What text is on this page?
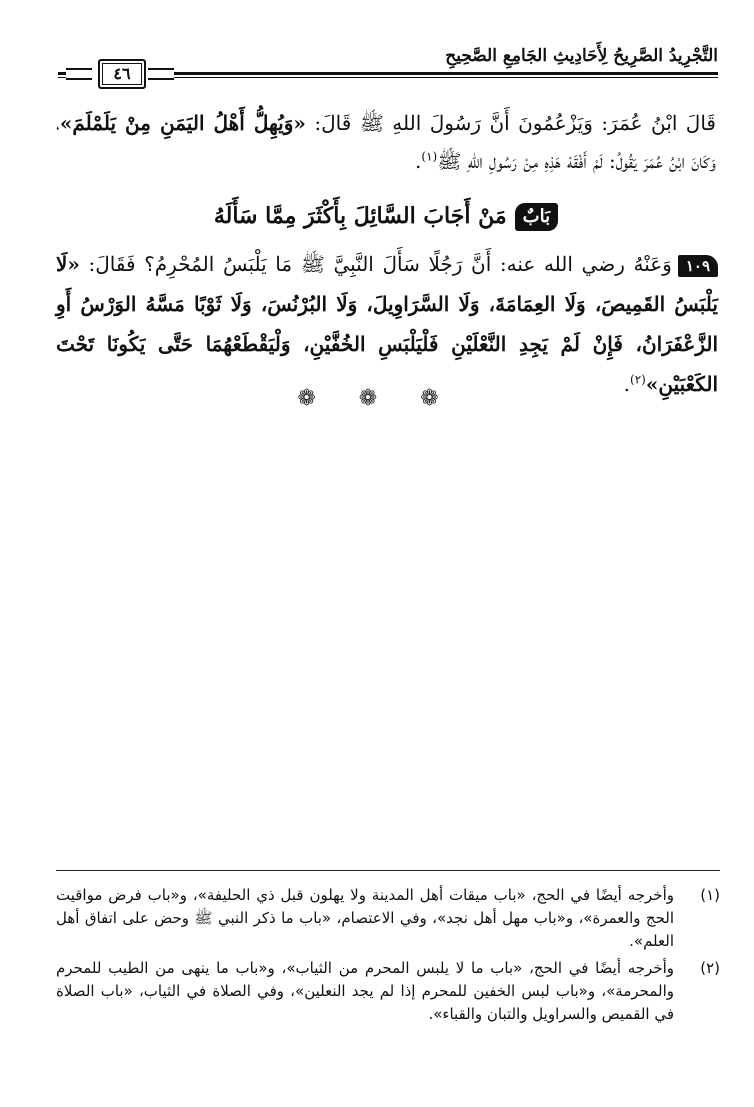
التَّجْرِيدُ الصَّرِيحُ لِأَحَادِيثِ الجَامِعِ الصَّحِيحِ
٤٦

قَالَ ابْنُ عُمَرَ: وَيَزْعُمُونَ أَنَّ رَسُولَ اللهِ ﷺ قَالَ: «وَيُهِلُّ أَهْلُ اليَمَنِ مِنْ يَلَمْلَمَ»، وَكَانَ ابْنُ عُمَرَ يَقُولُ: لَمْ أَفْقَهْ هَذِهِ مِنْ رَسُولِ اللهِ ﷺ$^{(١)}$.

بَابٌمَنْ أَجَابَ السَّائِلَ بِأَكْثَرَ مِمَّا سَأَلَهُ

١٠٩وَعَنْهُ رضي الله عنه: أَنَّ رَجُلًا سَأَلَ النَّبِيَّ ﷺ مَا يَلْبَسُ المُحْرِمُ؟ فَقَالَ: «لَا يَلْبَسُ القَمِيصَ، وَلَا العِمَامَةَ، وَلَا السَّرَاوِيلَ، وَلَا البُرْنُسَ، وَلَا ثَوْبًا مَسَّهُ الوَرْسُ أَوِ الزَّعْفَرَانُ، فَإِنْ لَمْ يَجِدِ النَّعْلَيْنِ فَلْيَلْبَسِ الخُفَّيْنِ، وَلْيَقْطَعْهُمَا حَتَّى يَكُونَا تَحْتَ الكَعْبَيْنِ»$^{(٢)}$.

❁ ❁ ❁
(١)
وأخرجه أيضًا في الحج، «باب ميقات أهل المدينة ولا يهلون قبل ذي الحليفة»، و«باب فرض مواقيت الحج والعمرة»، و«باب مهل أهل نجد»، وفي الاعتصام، «باب ما ذكر النبي ﷺ وحض على اتفاق أهل العلم».
(٢)
وأخرجه أيضًا في الحج، «باب ما لا يلبس المحرم من الثياب»، و«باب ما ينهى من الطيب للمحرم والمحرمة»، و«باب لبس الخفين للمحرم إذا لم يجد النعلين»، وفي الصلاة في الثياب، «باب الصلاة في القميص والسراويل والتبان والقباء».
